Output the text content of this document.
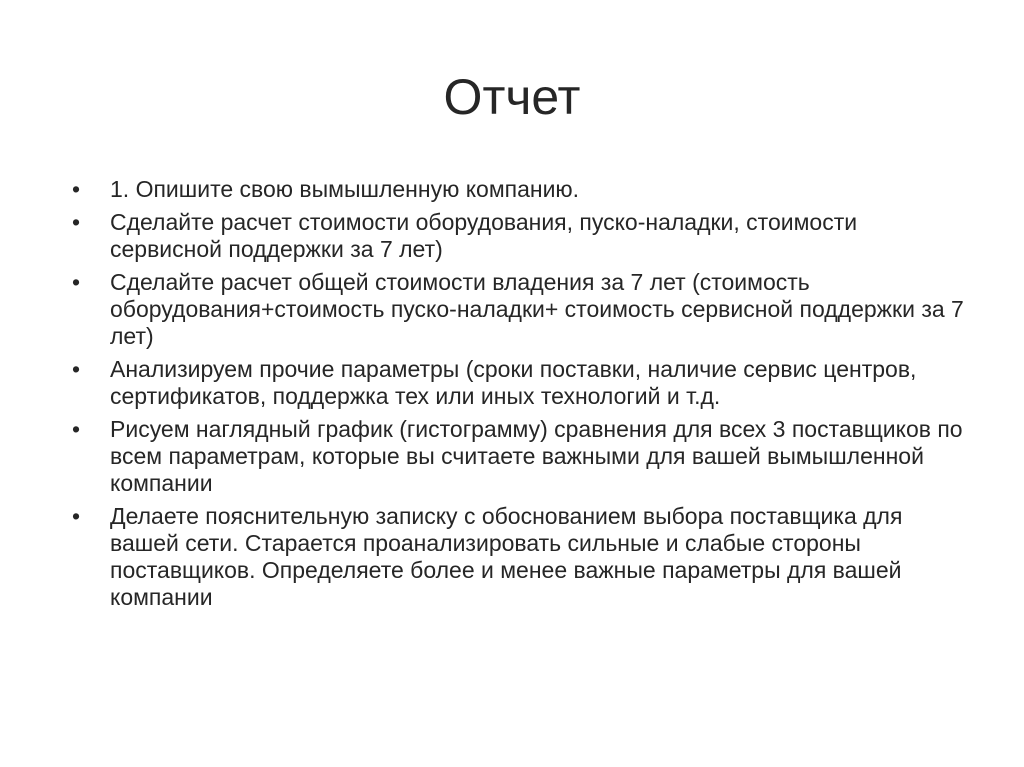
Отчет
•	1. Опишите свою вымышленную компанию.
•	Сделайте расчет стоимости оборудования, пуско-наладки, стоимости сервисной поддержки за 7 лет)
•	Сделайте расчет общей стоимости владения за 7 лет (стоимость оборудования+стоимость пуско-наладки+ стоимость сервисной поддержки за 7 лет)
•	Анализируем прочие параметры (сроки поставки, наличие сервис центров, сертификатов, поддержка тех или иных технологий и т.д.
•	Рисуем наглядный график (гистограмму) сравнения для всех 3 поставщиков по всем параметрам, которые вы считаете важными для вашей вымышленной компании
•	Делаете пояснительную записку с обоснованием выбора поставщика для вашей сети. Старается проанализировать сильные и слабые стороны поставщиков. Определяете более и менее важные параметры для вашей компании
